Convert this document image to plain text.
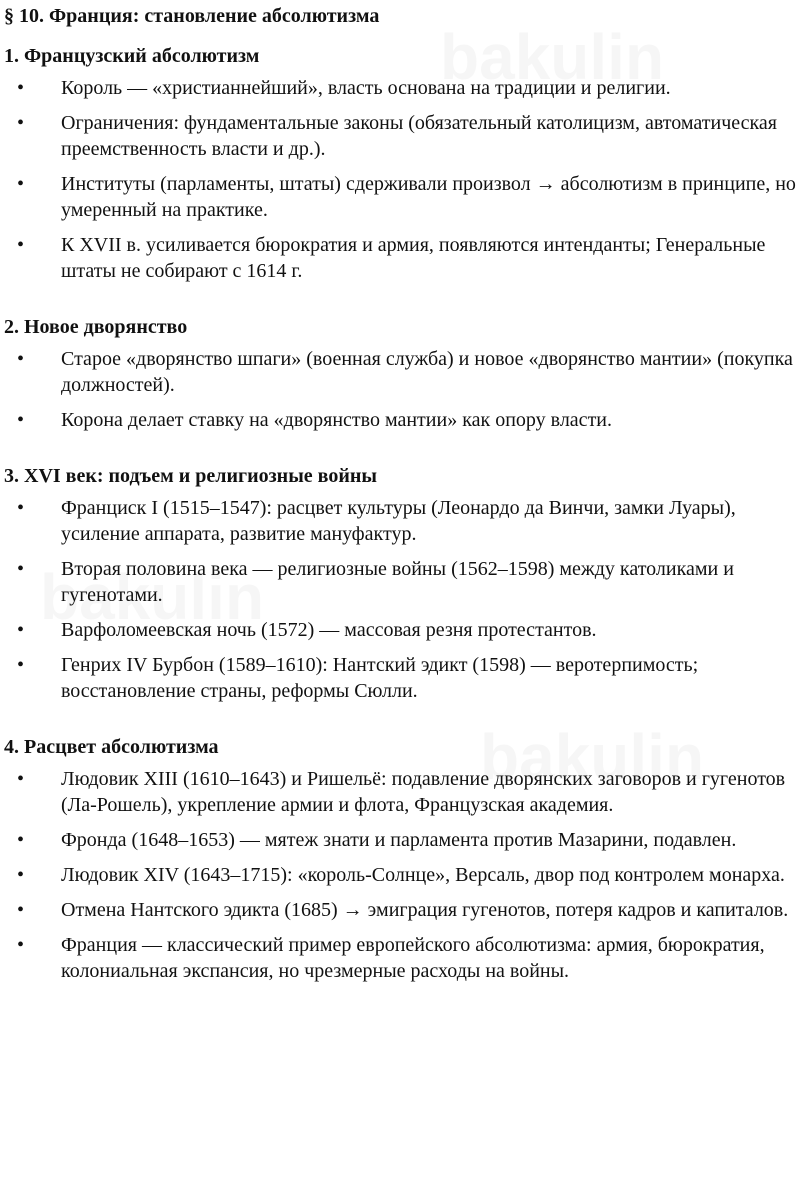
§ 10. Франция: становление абсолютизма
1. Французский абсолютизм
• Король — «христианнейший», власть основана на традиции и религии.
• Ограничения: фундаментальные законы (обязательный католицизм, автоматическая преемственность власти и др.).
• Институты (парламенты, штаты) сдерживали произвол → абсолютизм в принципе, но умеренный на практике.
• К XVII в. усиливается бюрократия и армия, появляются интенданты; Генеральные штаты не собирают с 1614 г.
2. Новое дворянство
• Старое «дворянство шпаги» (военная служба) и новое «дворянство мантии» (покупка должностей).
• Корона делает ставку на «дворянство мантии» как опору власти.
3. XVI век: подъем и религиозные войны
• Франциск I (1515–1547): расцвет культуры (Леонардо да Винчи, замки Луары), усиление аппарата, развитие мануфактур.
• Вторая половина века — религиозные войны (1562–1598) между католиками и гугенотами.
• Варфоломеевская ночь (1572) — массовая резня протестантов.
• Генрих IV Бурбон (1589–1610): Нантский эдикт (1598) — веротерпимость; восстановление страны, реформы Сюлли.
4. Расцвет абсолютизма
• Людовик XIII (1610–1643) и Ришельё: подавление дворянских заговоров и гугенотов (Ла-Рошель), укрепление армии и флота, Французская академия.
• Фронда (1648–1653) — мятеж знати и парламента против Мазарини, подавлен.
• Людовик XIV (1643–1715): «король-Солнце», Версаль, двор под контролем монарха.
• Отмена Нантского эдикта (1685) → эмиграция гугенотов, потеря кадров и капиталов.
• Франция — классический пример европейского абсолютизма: армия, бюрократия, колониальная экспансия, но чрезмерные расходы на войны.
